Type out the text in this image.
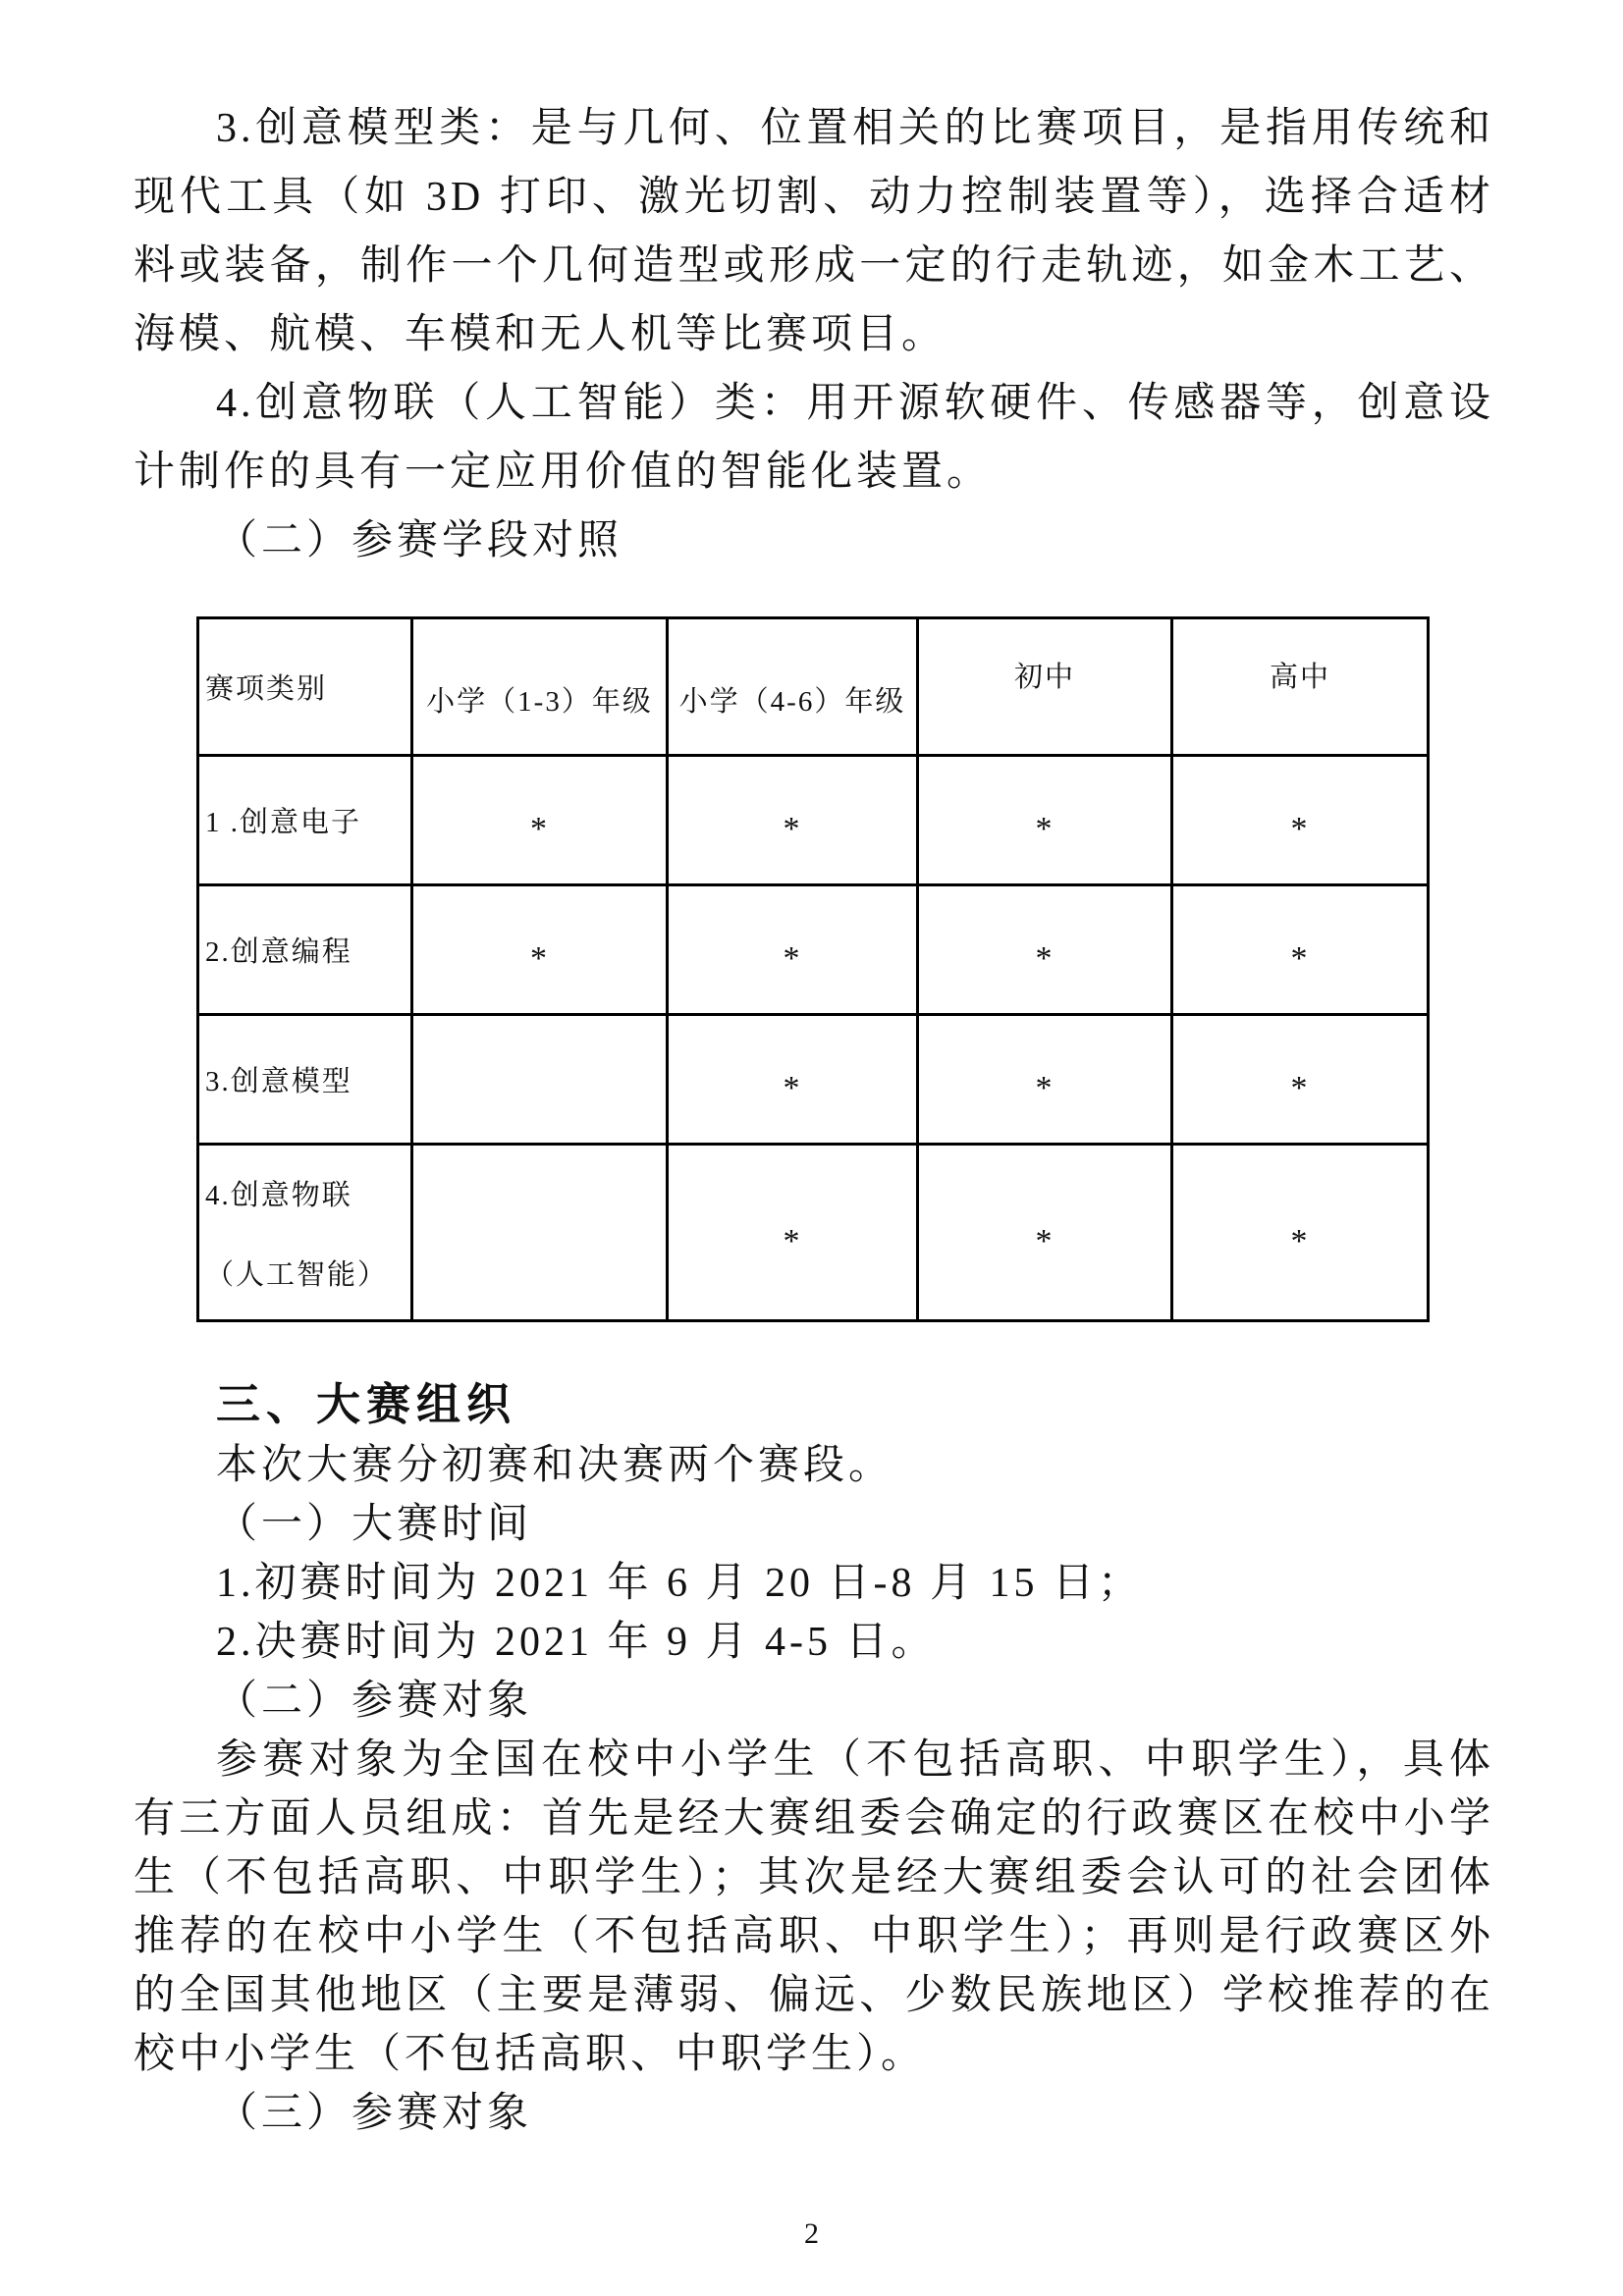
3.创意模型类：是与几何、位置相关的比赛项目，是指用传统和现代工具（如 3D 打印、激光切割、动力控制装置等），选择合适材料或装备，制作一个几何造型或形成一定的行走轨迹，如金木工艺、海模、航模、车模和无人机等比赛项目。

4.创意物联（人工智能）类：用开源软硬件、传感器等，创意设计制作的具有一定应用价值的智能化装置。

（二）参赛学段对照

赛项类别	小学（1-3）年级	小学（4-6）年级	初中	高中
1 .创意电子	*	*	*	*
2.创意编程	*	*	*	*
3.创意模型		*	*	*

4.创意物联
（人工智能）		*	*	*

三、大赛组织

本次大赛分初赛和决赛两个赛段。

（一）大赛时间

1.初赛时间为 2021 年 6 月 20 日-8 月 15 日；

2.决赛时间为 2021 年 9 月 4-5 日。

（二）参赛对象

参赛对象为全国在校中小学生（不包括高职、中职学生），具体有三方面人员组成：首先是经大赛组委会确定的行政赛区在校中小学生（不包括高职、中职学生）；其次是经大赛组委会认可的社会团体推荐的在校中小学生（不包括高职、中职学生）；再则是行政赛区外的全国其他地区（主要是薄弱、偏远、少数民族地区）学校推荐的在校中小学生（不包括高职、中职学生）。

（三）参赛对象

2
